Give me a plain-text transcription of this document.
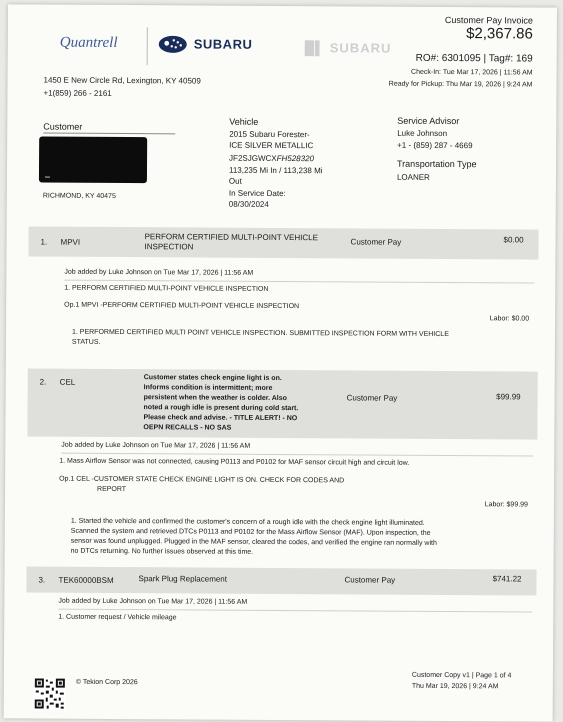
Quantrell	SUBARU	█▌ SUBARU
1450 E New Circle Rd, Lexington, KY 40509
+1(859) 266 - 2161
Customer Pay Invoice
$2,367.86
RO#: 6301095 | Tag#: 169
Check-In: Tue Mar 17, 2026 | 11:56 AM
Ready for Pickup: Thu Mar 19, 2026 | 9:24 AM
Customer
RICHMOND, KY 40475
Vehicle
2015 Subaru Forester-
ICE SILVER METALLIC
JF2SJGWCXFH528320
113,235 Mi In / 113,238 Mi
Out
In Service Date:
08/30/2024
Service Advisor
Luke Johnson
+1 - (859) 287 - 4669
Transportation Type
LOANER
1. MPVI	PERFORM CERTIFIED MULTI-POINT VEHICLE
INSPECTION
Customer Pay	$0.00
Job added by Luke Johnson on Tue Mar 17, 2026 | 11:56 AM
1. PERFORM CERTIFIED MULTI-POINT VEHICLE INSPECTION
Op.1 MPVI -PERFORM CERTIFIED MULTI-POINT VEHICLE INSPECTION
Labor: $0.00
1. PERFORMED CERTIFIED MULTI POINT VEHICLE INSPECTION. SUBMITTED INSPECTION FORM WITH VEHICLE
STATUS.
2. CEL	Customer states check engine light is on.
Informs condition is intermittent; more
persistent when the weather is colder. Also
noted a rough idle is present during cold start.
Please check and advise. - TITLE ALERT! - NO
OEPN RECALLS - NO SAS
Customer Pay	$99.99
Job added by Luke Johnson on Tue Mar 17, 2026 | 11:56 AM
1. Mass Airflow Sensor was not connected, causing P0113 and P0102 for MAF sensor circuit high and circuit low.
Op.1 CEL -CUSTOMER STATE CHECK ENGINE LIGHT IS ON. CHECK FOR CODES AND
REPORT
Labor: $99.99
1. Started the vehicle and confirmed the customer's concern of a rough idle with the check engine light illuminated.
Scanned the system and retrieved DTCs P0113 and P0102 for the Mass Airflow Sensor (MAF). Upon inspection, the
sensor was found unplugged. Plugged in the MAF sensor, cleared the codes, and verified the engine ran normally with
no DTCs returning. No further issues observed at this time.
3. TEK60000BSM	Spark Plug Replacement	Customer Pay	$741.22
Job added by Luke Johnson on Tue Mar 17, 2026 | 11:56 AM
1. Customer request / Vehicle mileage
© Tekion Corp 2026
Customer Copy v1 | Page 1 of 4
Thu Mar 19, 2026 | 9:24 AM
